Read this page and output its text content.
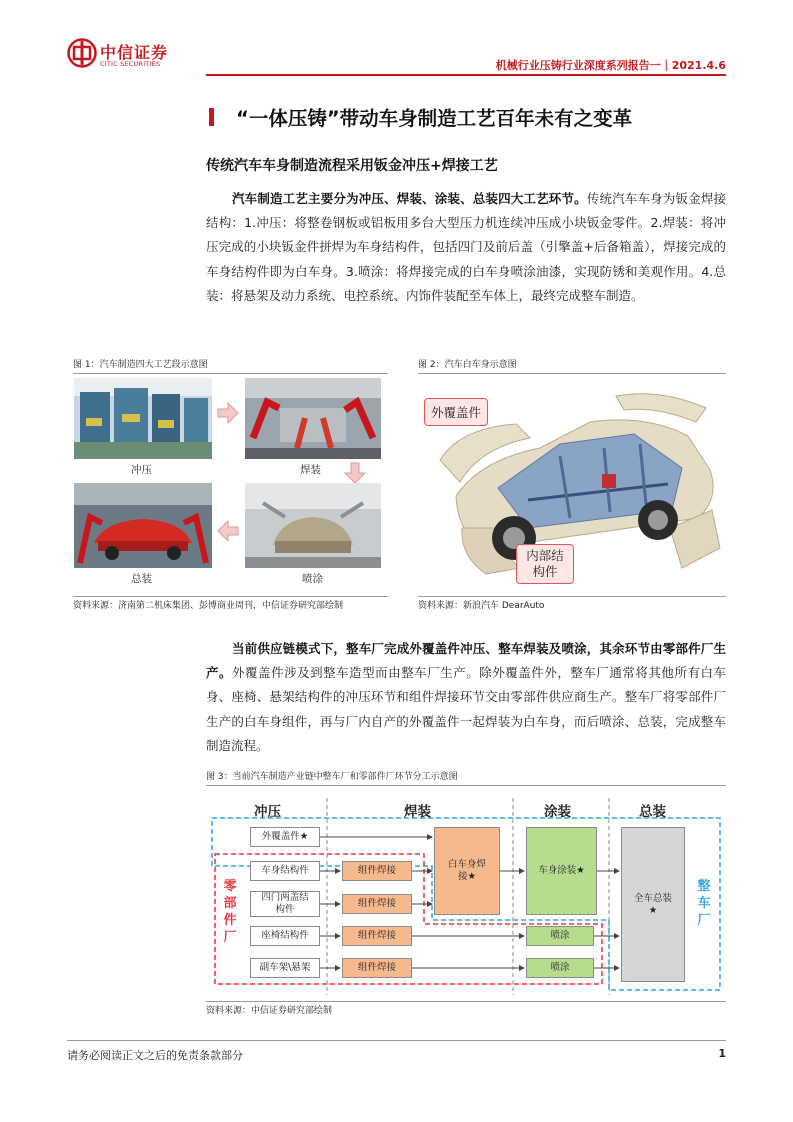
中信证券
CITIC SECURITIES	机械行业压铸行业深度系列报告一｜2021.4.6
“一体压铸”带动车身制造工艺百年未有之变革
传统汽车车身制造流程采用钣金冲压+焊接工艺
汽车制造工艺主要分为冲压、焊装、涂装、总装四大工艺环节。传统汽车车身为钣金焊接结构：1.冲压：将整卷钢板或铝板用多台大型压力机连续冲压成小块钣金零件。2.焊装：将冲压完成的小块钣金件拼焊为车身结构件，包括四门及前后盖（引擎盖+后备箱盖），焊接完成的车身结构件即为白车身。3.喷涂：将焊接完成的白车身喷涂油漆，实现防锈和美观作用。4.总装：将悬架及动力系统、电控系统、内饰件装配至车体上，最终完成整车制造。
图 1：汽车制造四大工艺段示意图
冲压	焊装
总装	喷涂
资料来源：济南第二机床集团、彭博商业周刊，中信证券研究部绘制
图 2：汽车白车身示意图
外覆盖件
内部结构件
资料来源：新浪汽车 DearAuto
当前供应链模式下，整车厂完成外覆盖件冲压、整车焊装及喷涂，其余环节由零部件厂生产。外覆盖件涉及到整车造型而由整车厂生产。除外覆盖件外，整车厂通常将其他所有白车身、座椅、悬架结构件的冲压环节和组件焊接环节交由零部件供应商生产。整车厂将零部件厂生产的白车身组件，再与厂内自产的外覆盖件一起焊装为白车身，而后喷涂、总装，完成整车制造流程。
图 3：当前汽车制造产业链中整车厂和零部件厂环节分工示意图
冲压	焊装	涂装	总装
外覆盖件★
车身结构件
四门两盖结构件
座椅结构件
副车架\悬架
组件焊接
组件焊接
组件焊接
组件焊接
白车身焊接★
车身涂装★
喷涂
喷涂
全车总装★
零部件厂
整车厂
资料来源：中信证券研究部绘制
请务必阅读正文之后的免责条款部分	1
